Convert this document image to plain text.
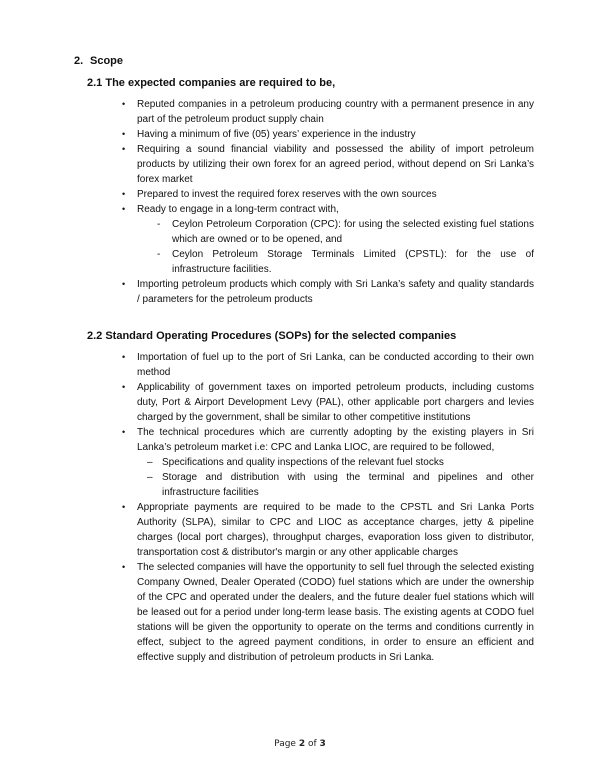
2. Scope
2.1 The expected companies are required to be,
•	Reputed companies in a petroleum producing country with a permanent presence in any part of the petroleum product supply chain
•	Having a minimum of five (05) years’ experience in the industry
•	Requiring a sound financial viability and possessed the ability of import petroleum products by utilizing their own forex for an agreed period, without depend on Sri Lanka’s forex market
•	Prepared to invest the required forex reserves with the own sources
•	Ready to engage in a long-term contract with,
- Ceylon Petroleum Corporation (CPC): for using the selected existing fuel stations which are owned or to be opened, and
- Ceylon Petroleum Storage Terminals Limited (CPSTL): for the use of infrastructure facilities.
•	Importing petroleum products which comply with Sri Lanka’s safety and quality standards / parameters for the petroleum products
2.2 Standard Operating Procedures (SOPs) for the selected companies
•	Importation of fuel up to the port of Sri Lanka, can be conducted according to their own method
•	Applicability of government taxes on imported petroleum products, including customs duty, Port & Airport Development Levy (PAL), other applicable port chargers and levies charged by the government, shall be similar to other competitive institutions
•	The technical procedures which are currently adopting by the existing players in Sri Lanka’s petroleum market i.e: CPC and Lanka LIOC, are required to be followed,
– Specifications and quality inspections of the relevant fuel stocks
– Storage and distribution with using the terminal and pipelines and other infrastructure facilities
•	Appropriate payments are required to be made to the CPSTL and Sri Lanka Ports Authority (SLPA), similar to CPC and LIOC as acceptance charges, jetty & pipeline charges (local port charges), throughput charges, evaporation loss given to distributor, transportation cost & distributor's margin or any other applicable charges
•	The selected companies will have the opportunity to sell fuel through the selected existing Company Owned, Dealer Operated (CODO) fuel stations which are under the ownership of the CPC and operated under the dealers, and the future dealer fuel stations which will be leased out for a period under long-term lease basis. The existing agents at CODO fuel stations will be given the opportunity to operate on the terms and conditions currently in effect, subject to the agreed payment conditions, in order to ensure an efficient and effective supply and distribution of petroleum products in Sri Lanka.
Page 2 of 3
